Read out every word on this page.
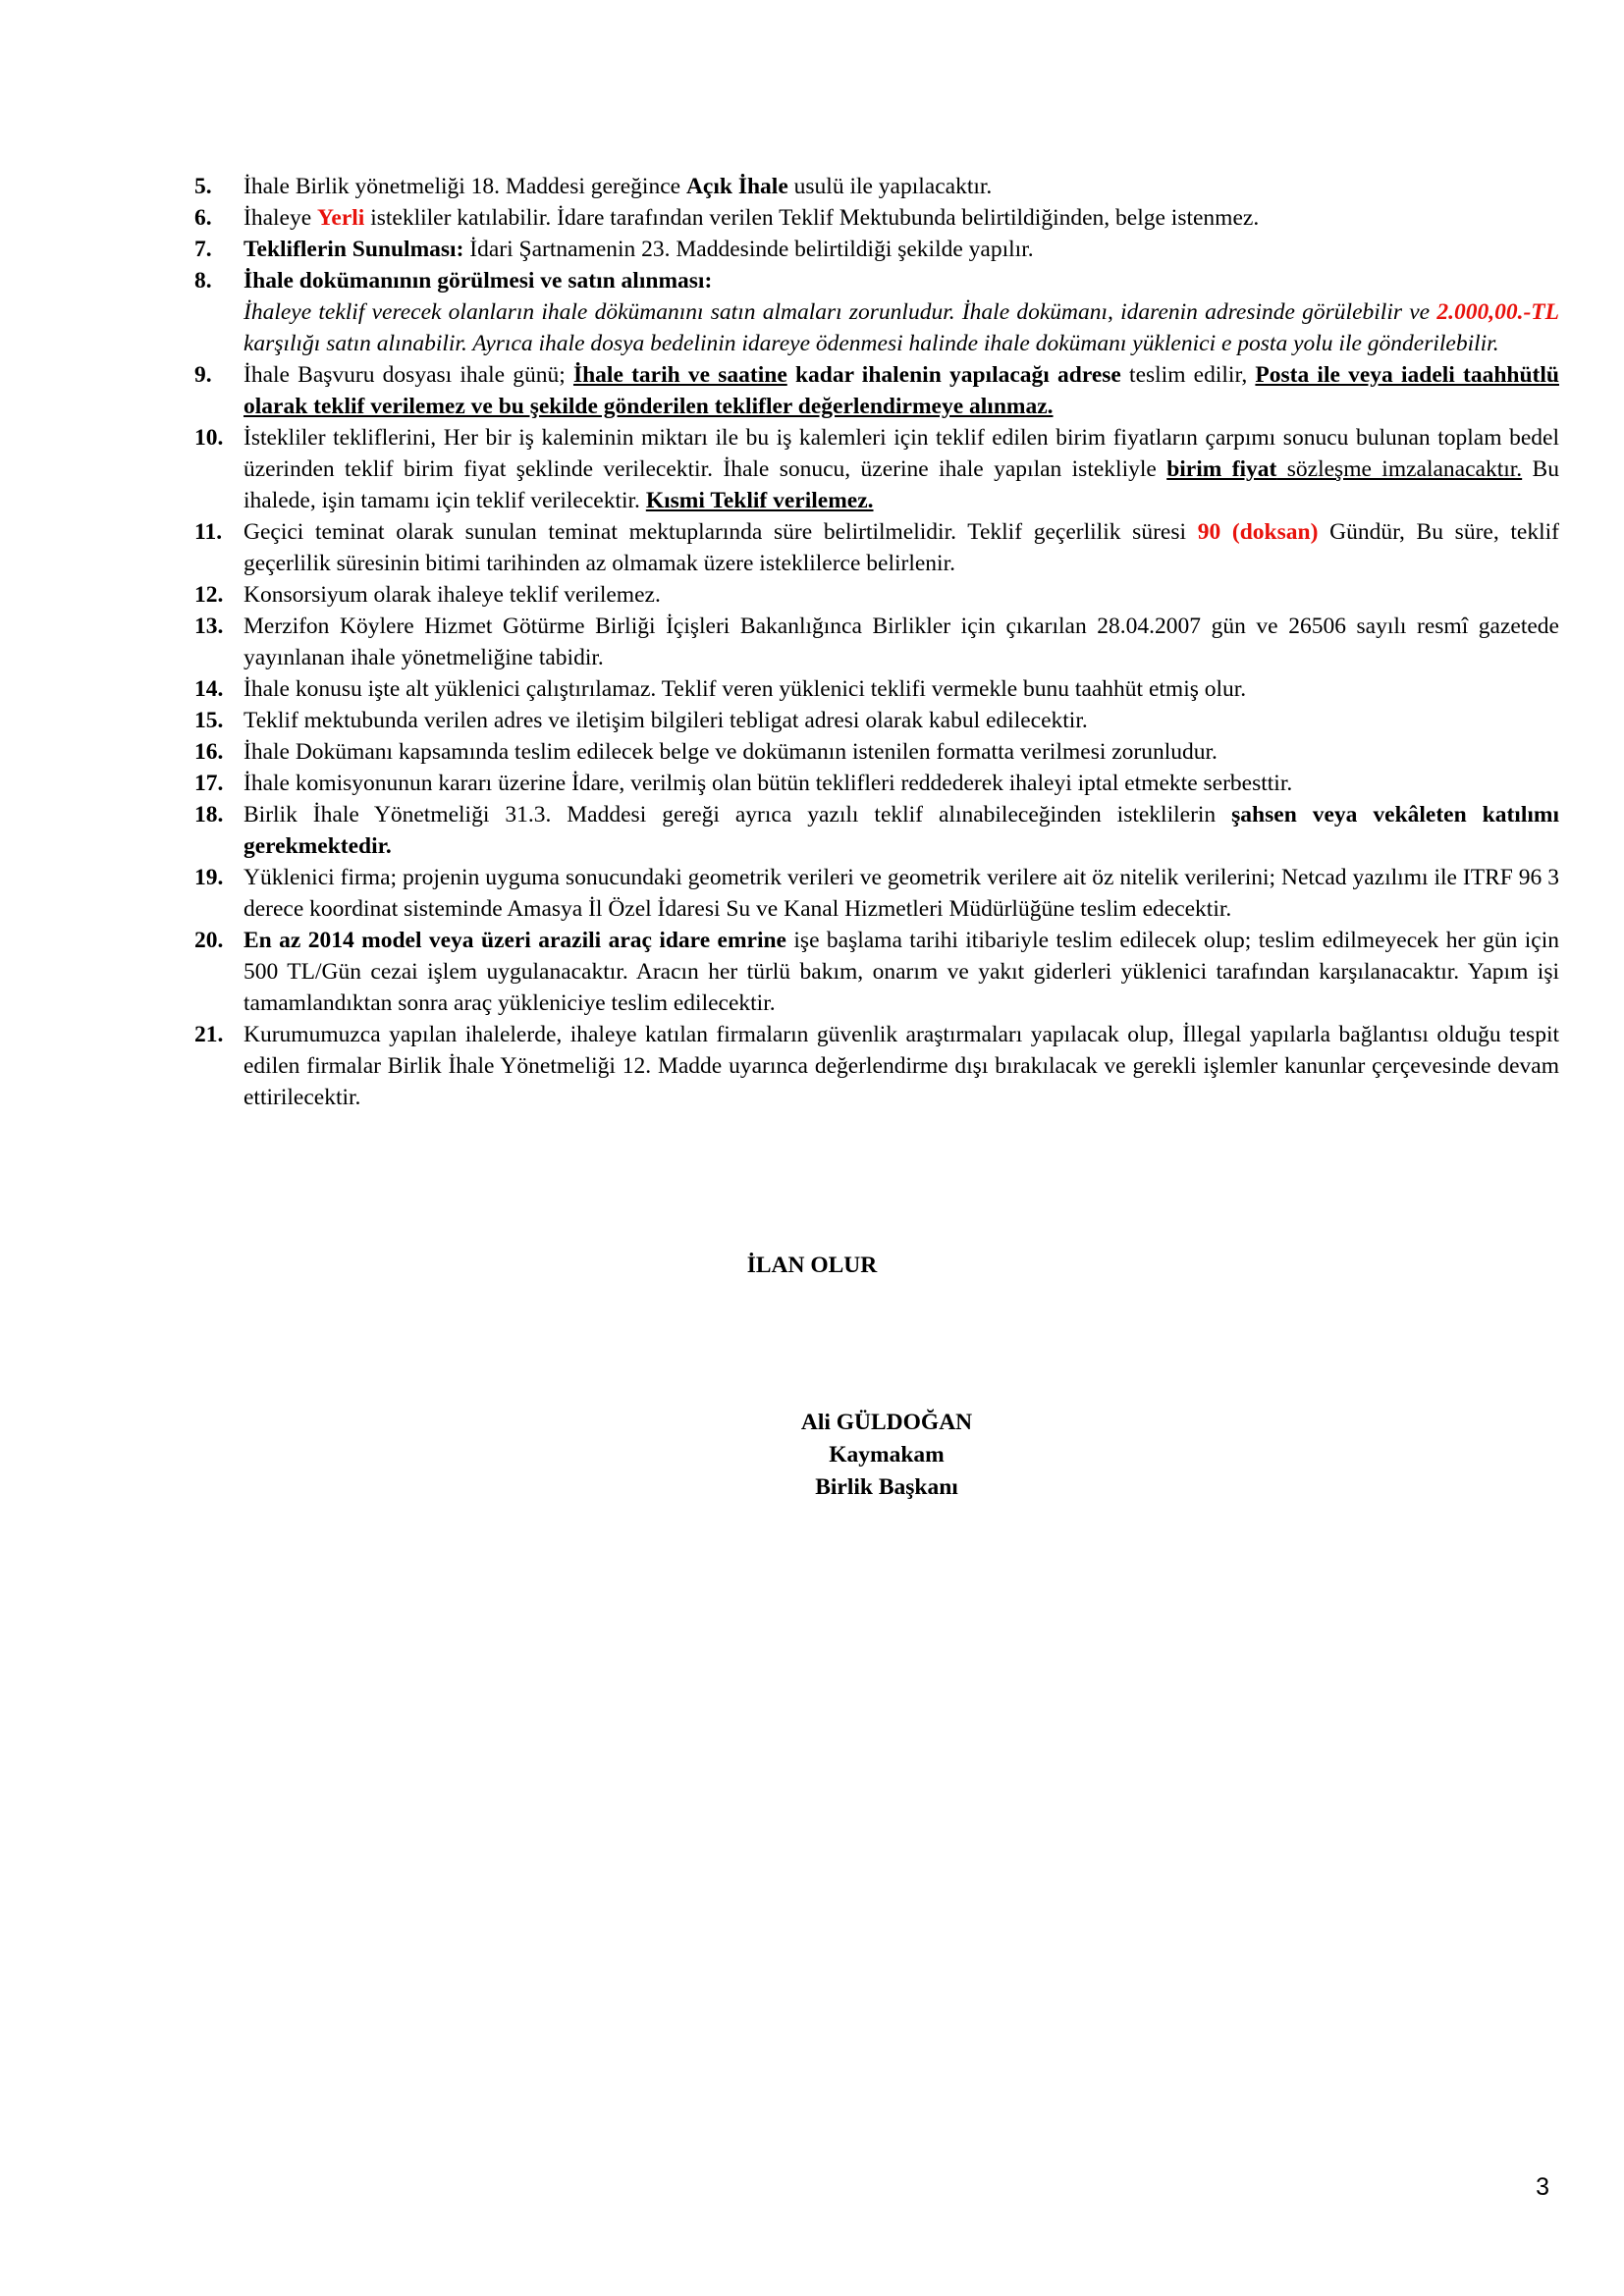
5.	İhale Birlik yönetmeliği 18. Maddesi gereğince Açık İhale usulü ile yapılacaktır.
6.	İhaleye Yerli istekliler katılabilir. İdare tarafından verilen Teklif Mektubunda belirtildiğinden, belge istenmez.
7.	Tekliflerin Sunulması: İdari Şartnamenin 23. Maddesinde belirtildiği şekilde yapılır.
8.	İhale dokümanının görülmesi ve satın alınması:
İhaleye teklif verecek olanların ihale dökümanını satın almaları zorunludur. İhale dokümanı, idarenin adresinde görülebilir ve 2.000,00.-TL karşılığı satın alınabilir. Ayrıca ihale dosya bedelinin idareye ödenmesi halinde ihale dokümanı yüklenici e posta yolu ile gönderilebilir.
9.	İhale Başvuru dosyası ihale günü; İhale tarih ve saatine kadar ihalenin yapılacağı adrese teslim edilir, Posta ile veya iadeli taahhütlü olarak teklif verilemez ve bu şekilde gönderilen teklifler değerlendirmeye alınmaz.
10. İstekliler tekliflerini, Her bir iş kaleminin miktarı ile bu iş kalemleri için teklif edilen birim fiyatların çarpımı sonucu bulunan toplam bedel üzerinden teklif birim fiyat şeklinde verilecektir. İhale sonucu, üzerine ihale yapılan istekliyle birim fiyat sözleşme imzalanacaktır. Bu ihalede, işin tamamı için teklif verilecektir. Kısmi Teklif verilemez.
11. Geçici teminat olarak sunulan teminat mektuplarında süre belirtilmelidir. Teklif geçerlilik süresi 90 (doksan) Gündür, Bu süre, teklif geçerlilik süresinin bitimi tarihinden az olmamak üzere isteklilerce belirlenir.
12. Konsorsiyum olarak ihaleye teklif verilemez.
13. Merzifon Köylere Hizmet Götürme Birliği İçişleri Bakanlığınca Birlikler için çıkarılan 28.04.2007 gün ve 26506 sayılı resmî gazetede yayınlanan ihale yönetmeliğine tabidir.
14. İhale konusu işte alt yüklenici çalıştırılamaz. Teklif veren yüklenici teklifi vermekle bunu taahhüt etmiş olur.
15. Teklif mektubunda verilen adres ve iletişim bilgileri tebligat adresi olarak kabul edilecektir.
16. İhale Dokümanı kapsamında teslim edilecek belge ve dokümanın istenilen formatta verilmesi zorunludur.
17. İhale komisyonunun kararı üzerine İdare, verilmiş olan bütün teklifleri reddederek ihaleyi iptal etmekte serbesttir.
18. Birlik İhale Yönetmeliği 31.3. Maddesi gereği ayrıca yazılı teklif alınabileceğinden isteklilerin şahsen veya vekâleten katılımı gerekmektedir.
19. Yüklenici firma; projenin uyguma sonucundaki geometrik verileri ve geometrik verilere ait öz nitelik verilerini; Netcad yazılımı ile ITRF 96 3 derece koordinat sisteminde Amasya İl Özel İdaresi Su ve Kanal Hizmetleri Müdürlüğüne teslim edecektir.
20. En az 2014 model veya üzeri arazili araç idare emrine işe başlama tarihi itibariyle teslim edilecek olup; teslim edilmeyecek her gün için 500 TL/Gün cezai işlem uygulanacaktır. Aracın her türlü bakım, onarım ve yakıt giderleri yüklenici tarafından karşılanacaktır. Yapım işi tamamlandıktan sonra araç yükleniciye teslim edilecektir.
21. Kurumumuzca yapılan ihalelerde, ihaleye katılan firmaların güvenlik araştırmaları yapılacak olup, İllegal yapılarla bağlantısı olduğu tespit edilen firmalar Birlik İhale Yönetmeliği 12. Madde uyarınca değerlendirme dışı bırakılacak ve gerekli işlemler kanunlar çerçevesinde devam ettirilecektir.
İLAN OLUR
Ali GÜLDOĞAN
Kaymakam
Birlik Başkanı
3
